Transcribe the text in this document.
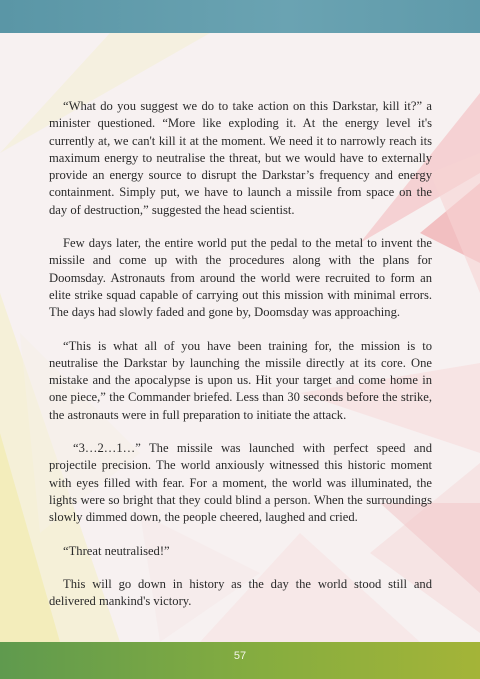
“What do you suggest we do to take action on this Darkstar, kill it?” a minister questioned. “More like exploding it. At the energy level it's currently at, we can't kill it at the moment. We need it to narrowly reach its maximum energy to neutralise the threat, but we would have to externally provide an energy source to disrupt the Darkstar’s frequency and energy containment. Simply put, we have to launch a missile from space on the day of destruction,” suggested the head scientist.

Few days later, the entire world put the pedal to the metal to invent the missile and come up with the procedures along with the plans for Doomsday. Astronauts from around the world were recruited to form an elite strike squad capable of carrying out this mission with minimal errors. The days had slowly faded and gone by, Doomsday was approaching.

“This is what all of you have been training for, the mission is to neutralise the Darkstar by launching the missile directly at its core. One mistake and the apocalypse is upon us. Hit your target and come home in one piece,” the Commander briefed. Less than 30 seconds before the strike, the astronauts were in full preparation to initiate the attack.

“3…2…1…” The missile was launched with perfect speed and projectile precision. The world anxiously witnessed this historic moment with eyes filled with fear. For a moment, the world was illuminated, the lights were so bright that they could blind a person. When the surroundings slowly dimmed down, the people cheered, laughed and cried.

“Threat neutralised!”

This will go down in history as the day the world stood still and delivered mankind's victory.

57
